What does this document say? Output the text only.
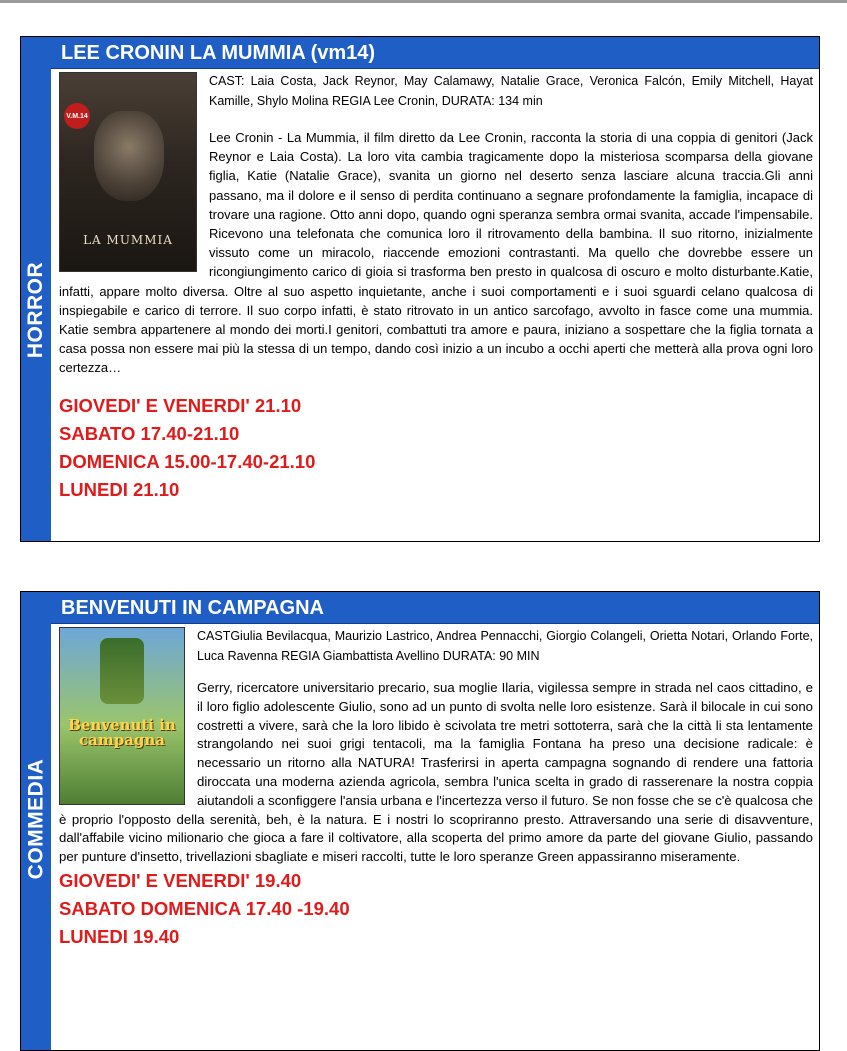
HORROR
LEE CRONIN LA MUMMIA (vm14)
V.M.14
LA MUMMIA
CAST: Laia Costa, Jack Reynor, May Calamawy, Natalie Grace, Veronica Falcón, Emily Mitchell, Hayat Kamille, Shylo Molina REGIA Lee Cronin, DURATA: 134 min
Lee Cronin - La Mummia, il film diretto da Lee Cronin, racconta la storia di una coppia di genitori (Jack Reynor e Laia Costa). La loro vita cambia tragicamente dopo la misteriosa scomparsa della giovane figlia, Katie (Natalie Grace), svanita un giorno nel deserto senza lasciare alcuna traccia.Gli anni passano, ma il dolore e il senso di perdita continuano a segnare profondamente la famiglia, incapace di trovare una ragione. Otto anni dopo, quando ogni speranza sembra ormai svanita, accade l'impensabile. Ricevono una telefonata che comunica loro il ritrovamento della bambina. Il suo ritorno, inizialmente vissuto come un miracolo, riaccende emozioni contrastanti. Ma quello che dovrebbe essere un ricongiungimento carico di gioia si trasforma ben presto in qualcosa di oscuro e molto disturbante.Katie, infatti, appare molto diversa. Oltre al suo aspetto inquietante, anche i suoi comportamenti e i suoi sguardi celano qualcosa di inspiegabile e carico di terrore. Il suo corpo infatti, è stato ritrovato in un antico sarcofago, avvolto in fasce come una mummia. Katie sembra appartenere al mondo dei morti.I genitori, combattuti tra amore e paura, iniziano a sospettare che la figlia tornata a casa possa non essere mai più la stessa di un tempo, dando così inizio a un incubo a occhi aperti che metterà alla prova ogni loro certezza…
GIOVEDI' E VENERDI' 21.10
SABATO 17.40-21.10
DOMENICA 15.00-17.40-21.10
LUNEDI 21.10
COMMEDIA
BENVENUTI IN CAMPAGNA
Benvenuti in campagna
CASTGiulia Bevilacqua, Maurizio Lastrico, Andrea Pennacchi, Giorgio Colangeli, Orietta Notari, Orlando Forte, Luca Ravenna REGIA Giambattista Avellino DURATA: 90 MIN
Gerry, ricercatore universitario precario, sua moglie Ilaria, vigilessa sempre in strada nel caos cittadino, e il loro figlio adolescente Giulio, sono ad un punto di svolta nelle loro esistenze. Sarà il bilocale in cui sono costretti a vivere, sarà che la loro libido è scivolata tre metri sottoterra, sarà che la città li sta lentamente strangolando nei suoi grigi tentacoli, ma la famiglia Fontana ha preso una decisione radicale: è necessario un ritorno alla NATURA! Trasferirsi in aperta campagna sognando di rendere una fattoria diroccata una moderna azienda agricola, sembra l'unica scelta in grado di rasserenare la nostra coppia aiutandoli a sconfiggere l'ansia urbana e l'incertezza verso il futuro. Se non fosse che se c'è qualcosa che è proprio l'opposto della serenità, beh, è la natura. E i nostri lo scopriranno presto. Attraversando una serie di disavventure, dall'affabile vicino milionario che gioca a fare il coltivatore, alla scoperta del primo amore da parte del giovane Giulio, passando per punture d'insetto, trivellazioni sbagliate e miseri raccolti, tutte le loro speranze Green appassiranno miseramente.
GIOVEDI' E VENERDI' 19.40
SABATO DOMENICA 17.40 -19.40
LUNEDI 19.40
